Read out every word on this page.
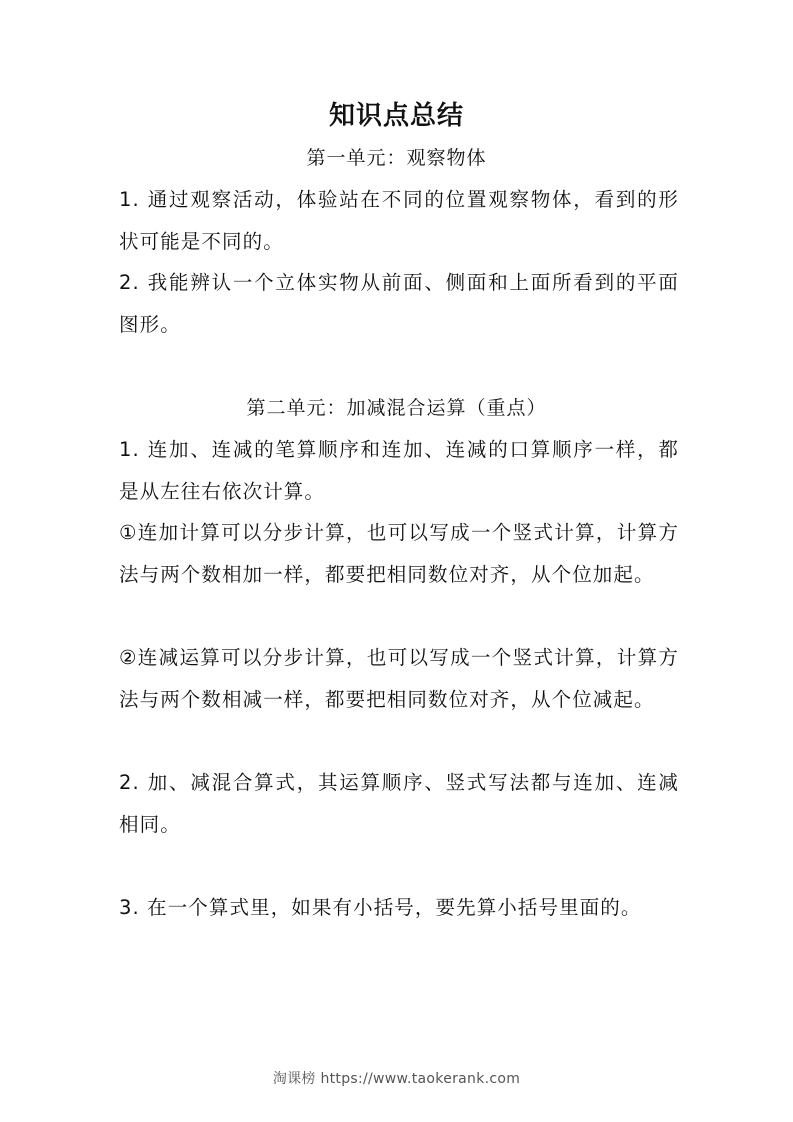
知识点总结
第一单元：观察物体

1. 通过观察活动，体验站在不同的位置观察物体，看到的形状可能是不同的。

2. 我能辨认一个立体实物从前面、侧面和上面所看到的平面图形。

第二单元：加减混合运算（重点）

1. 连加、连减的笔算顺序和连加、连减的口算顺序一样，都是从左往右依次计算。

①连加计算可以分步计算，也可以写成一个竖式计算，计算方法与两个数相加一样，都要把相同数位对齐，从个位加起。

②连减运算可以分步计算，也可以写成一个竖式计算，计算方法与两个数相减一样，都要把相同数位对齐，从个位减起。

2. 加、减混合算式，其运算顺序、竖式写法都与连加、连减相同。

3. 在一个算式里，如果有小括号，要先算小括号里面的。

淘课榜 https://www.taokerank.com
